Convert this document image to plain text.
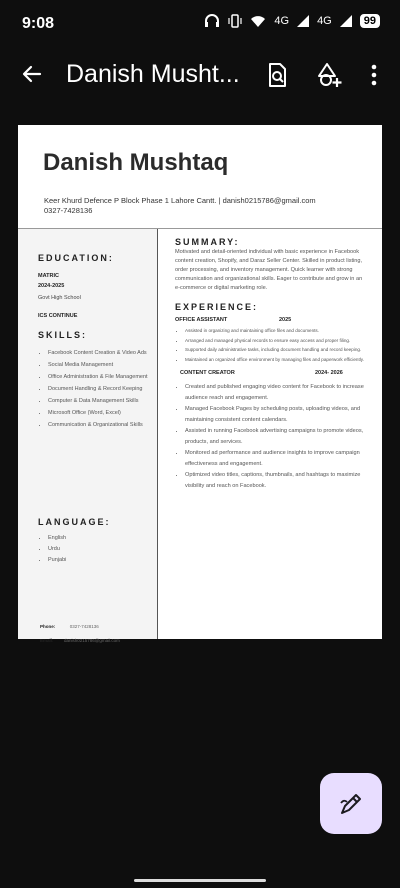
9:08	4G	4G	99
Danish Musht...
Danish Mushtaq
Keer Khurd Defence P Block Phase 1 Lahore Cantt. | danish0215786@gmail.com
0327-7428136
EDUCATION:
MATRIC
2024-2025
Govt High School
ICS CONTINUE
SKILLS:
• Facebook Content Creation & Video Ads
• Social Media Management
• Office Administration & File Management
• Document Handling & Record Keeping
• Computer & Data Management Skills
• Microsoft Office (Word, Excel)
• Communication & Organizational Skills
LANGUAGE:
• English
• Urdu
• Punjabi
Phone:	0327-7428136
Email: danish0215786@gmail.com
SUMMARY:
Motivated and detail-oriented individual with basic experience in Facebook content creation, Shopify, and Daraz Seller Center. Skilled in product listing, order processing, and inventory management. Quick learner with strong communication and organizational skills. Eager to contribute and grow in an e-commerce or digital marketing role.
EXPERIENCE:
OFFICE ASSISTANT	2025
• Assisted in organizing and maintaining office files and documents.
• Arranged and managed physical records to ensure easy access and proper filing.
• Supported daily administrative tasks, including document handling and record keeping.
• Maintained an organized office environment by managing files and paperwork efficiently.
CONTENT CREATOR	2024- 2026
• Created and published engaging video content for Facebook to increase audience reach and engagement.
• Managed Facebook Pages by scheduling posts, uploading videos, and maintaining consistent content calendars.
• Assisted in running Facebook advertising campaigns to promote videos, products, and services.
• Monitored ad performance and audience insights to improve campaign effectiveness and engagement.
• Optimized video titles, captions, thumbnails, and hashtags to maximize visibility and reach on Facebook.
